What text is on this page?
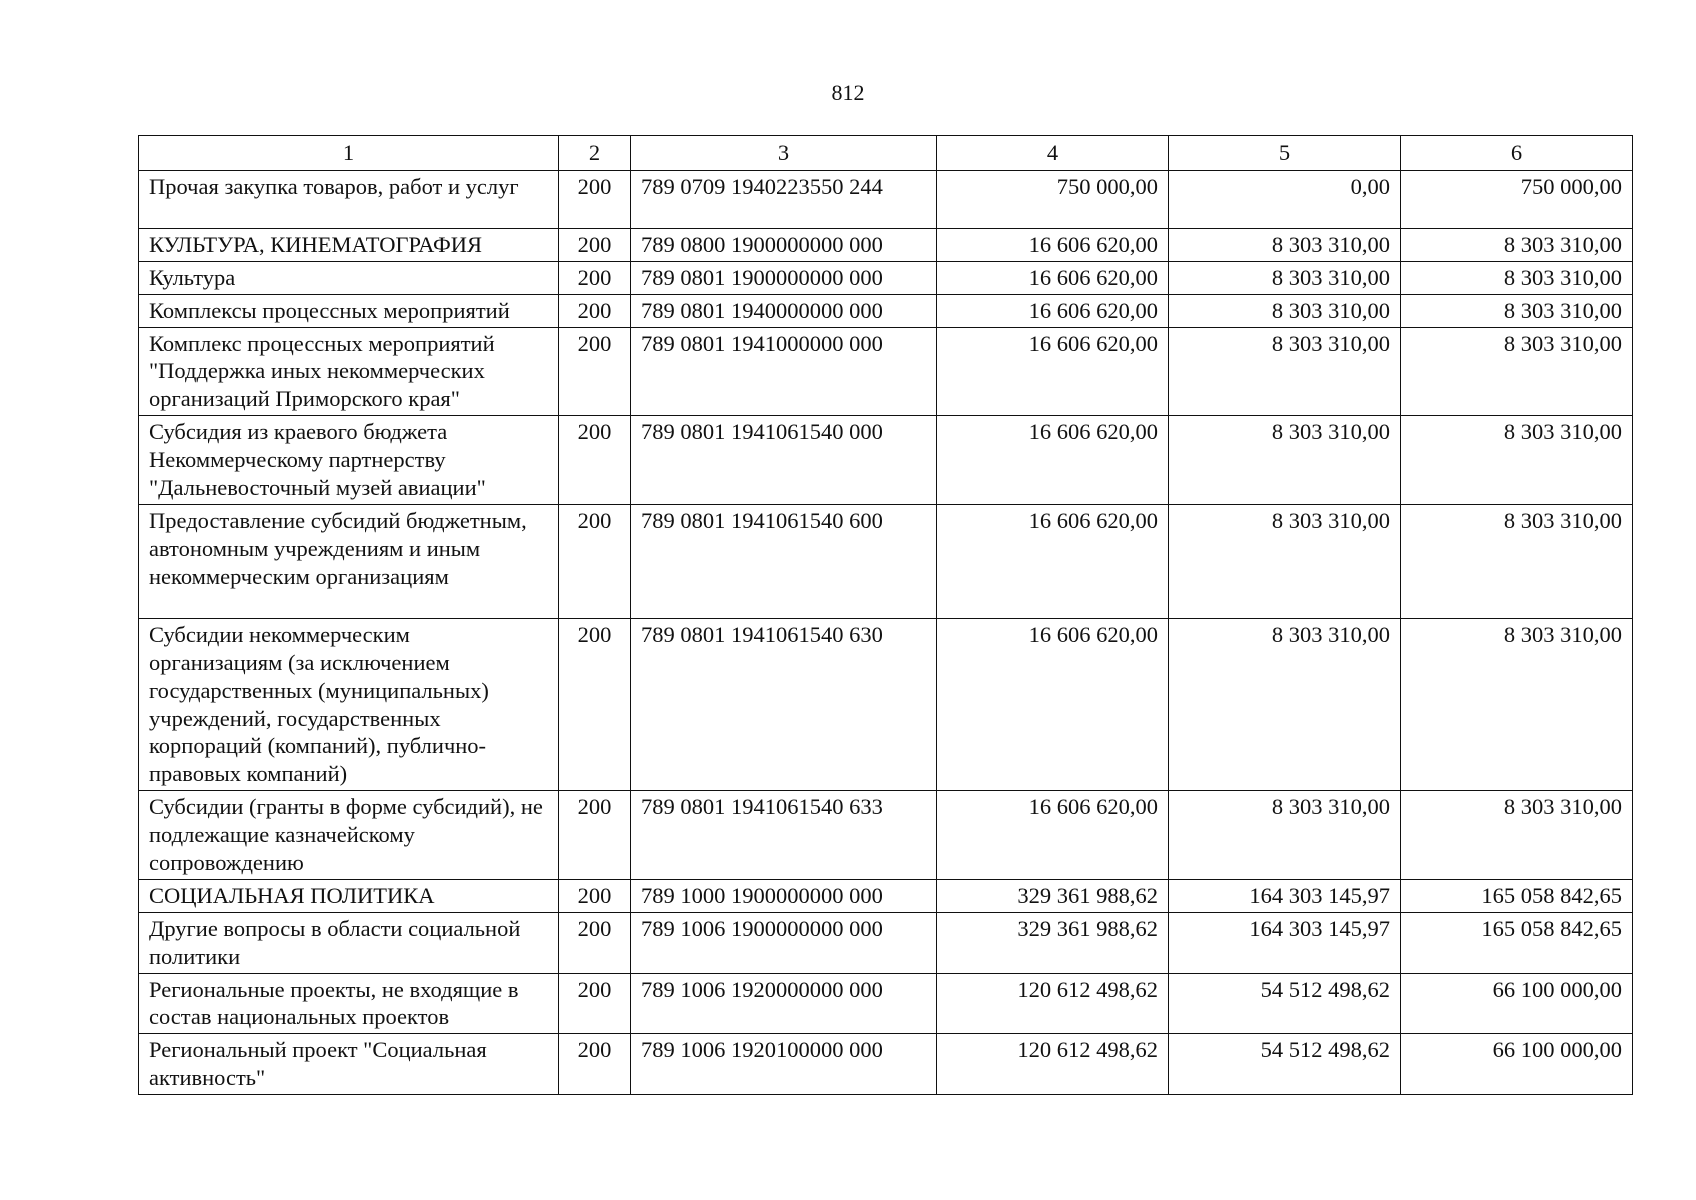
812
1	2	3	4	5	6
Прочая закупка товаров, работ и услуг	200	789 0709 1940223550 244	750 000,00	0,00	750 000,00
КУЛЬТУРА, КИНЕМАТОГРАФИЯ	200	789 0800 1900000000 000	16 606 620,00	8 303 310,00	8 303 310,00
Культура	200	789 0801 1900000000 000	16 606 620,00	8 303 310,00	8 303 310,00
Комплексы процессных мероприятий	200	789 0801 1940000000 000	16 606 620,00	8 303 310,00	8 303 310,00
Комплекс процессных мероприятий "Поддержка иных некоммерческих организаций Приморского края"	200	789 0801 1941000000 000	16 606 620,00	8 303 310,00	8 303 310,00
Субсидия из краевого бюджета Некоммерческому партнерству "Дальневосточный музей авиации"	200	789 0801 1941061540 000	16 606 620,00	8 303 310,00	8 303 310,00
Предоставление субсидий бюджетным, автономным учреждениям и иным некоммерческим организациям	200	789 0801 1941061540 600	16 606 620,00	8 303 310,00	8 303 310,00
Субсидии некоммерческим организациям (за исключением государственных (муниципальных) учреждений, государственных корпораций (компаний), публично-правовых компаний)	200	789 0801 1941061540 630	16 606 620,00	8 303 310,00	8 303 310,00
Субсидии (гранты в форме субсидий), не подлежащие казначейскому сопровождению	200	789 0801 1941061540 633	16 606 620,00	8 303 310,00	8 303 310,00
СОЦИАЛЬНАЯ ПОЛИТИКА	200	789 1000 1900000000 000	329 361 988,62	164 303 145,97	165 058 842,65
Другие вопросы в области социальной политики	200	789 1006 1900000000 000	329 361 988,62	164 303 145,97	165 058 842,65
Региональные проекты, не входящие в состав национальных проектов	200	789 1006 1920000000 000	120 612 498,62	54 512 498,62	66 100 000,00
Региональный проект "Социальная активность"	200	789 1006 1920100000 000	120 612 498,62	54 512 498,62	66 100 000,00
